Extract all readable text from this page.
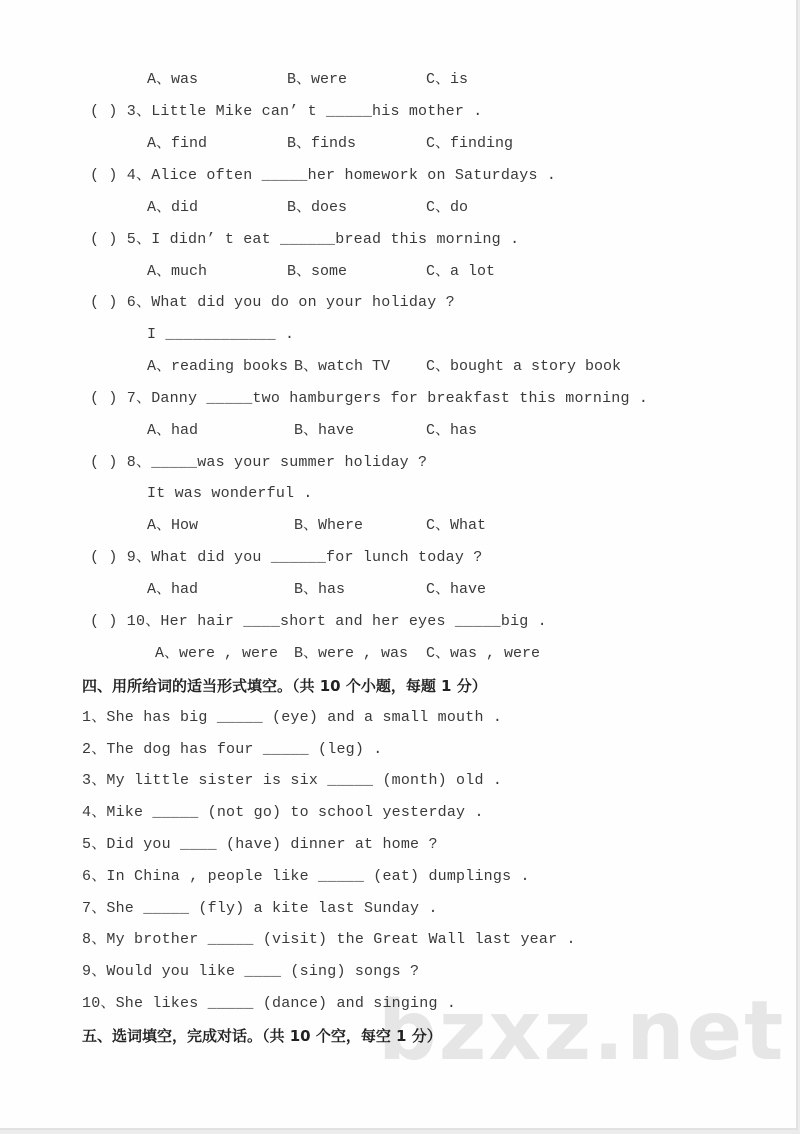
bzxz.net
A、was	B、were	C、is
( ) 3、Little Mike can’ t _____his mother .
A、find	B、finds	C、finding
( ) 4、Alice often _____her homework on Saturdays .
A、did	B、does	C、do
( ) 5、I didn’ t eat ______bread this morning .
A、much	B、some	C、a lot
( ) 6、What did you do on your holiday ?
I ____________ .
A、reading books B、watch TV C、bought a story book
( ) 7、Danny _____two hamburgers for breakfast this morning .
A、had	B、have	C、has
( ) 8、_____was your summer holiday ?
It was wonderful .
A、How	B、Where	C、What
( ) 9、What did you ______for lunch today ?
A、had	B、has	C、have
( ) 10、Her hair ____short and her eyes _____big .
A、were , were B、were , was C、was , were
四、用所给词的适当形式填空。（共 10 个小题，每题 1 分）
1、She has big _____ (eye) and a small mouth .
2、The dog has four _____ (leg) .
3、My little sister is six _____ (month) old .
4、Mike _____ (not go) to school yesterday .
5、Did you ____ (have) dinner at home ?
6、In China , people like _____ (eat) dumplings .
7、She _____ (fly) a kite last Sunday .
8、My brother _____ (visit) the Great Wall last year .
9、Would you like ____ (sing) songs ?
10、She likes _____ (dance) and singing .
五、选词填空，完成对话。（共 10 个空，每空 1 分）
